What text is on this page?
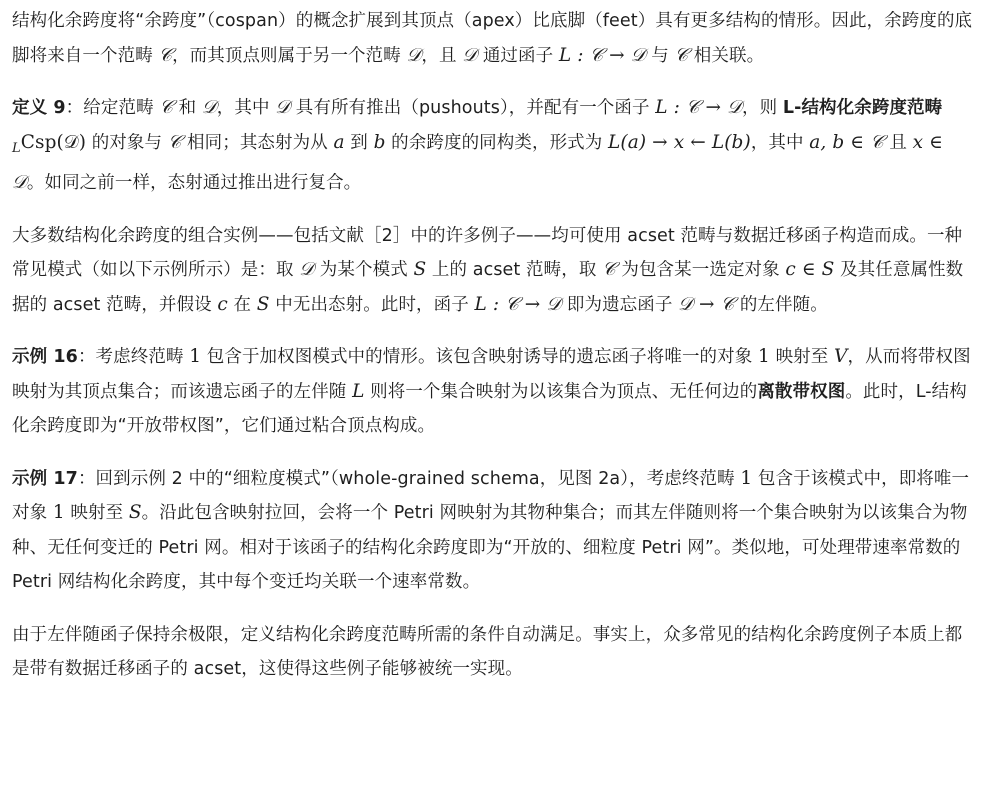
结构化余跨度将“余跨度”（cospan）的概念扩展到其顶点（apex）比底脚（feet）具有更多结构的情形。因此，余跨度的底脚将来自一个范畴 𝒞，而其顶点则属于另一个范畴 𝒟，且 𝒟 通过函子 L : 𝒞 → 𝒟 与 𝒞 相关联。

定义 9：给定范畴 𝒞 和 𝒟，其中 𝒟 具有所有推出（pushouts），并配有一个函子 L : 𝒞 → 𝒟，则 L-结构化余跨度范畴 $_L$Csp(𝒟) 的对象与 𝒞 相同；其态射为从 a 到 b 的余跨度的同构类，形式为 L(a) → x ← L(b)，其中 a, b ∈ 𝒞 且 x ∈ 𝒟。如同之前一样，态射通过推出进行复合。

大多数结构化余跨度的组合实例——包括文献［2］中的许多例子——均可使用 acset 范畴与数据迁移函子构造而成。一种常见模式（如以下示例所示）是：取 𝒟 为某个模式 S 上的 acset 范畴，取 𝒞 为包含某一选定对象 c ∈ S 及其任意属性数据的 acset 范畴，并假设 c 在 S 中无出态射。此时，函子 L : 𝒞 → 𝒟 即为遗忘函子 𝒟 → 𝒞 的左伴随。

示例 16：考虑终范畴 1 包含于加权图模式中的情形。该包含映射诱导的遗忘函子将唯一的对象 1 映射至 V，从而将带权图映射为其顶点集合；而该遗忘函子的左伴随 L 则将一个集合映射为以该集合为顶点、无任何边的离散带权图。此时，L-结构化余跨度即为“开放带权图”，它们通过粘合顶点构成。

示例 17：回到示例 2 中的“细粒度模式”（whole-grained schema，见图 2a），考虑终范畴 1 包含于该模式中，即将唯一对象 1 映射至 S。沿此包含映射拉回，会将一个 Petri 网映射为其物种集合；而其左伴随则将一个集合映射为以该集合为物种、无任何变迁的 Petri 网。相对于该函子的结构化余跨度即为“开放的、细粒度 Petri 网”。类似地，可处理带速率常数的 Petri 网结构化余跨度，其中每个变迁均关联一个速率常数。

由于左伴随函子保持余极限，定义结构化余跨度范畴所需的条件自动满足。事实上，众多常见的结构化余跨度例子本质上都是带有数据迁移函子的 acset，这使得这些例子能够被统一实现。
